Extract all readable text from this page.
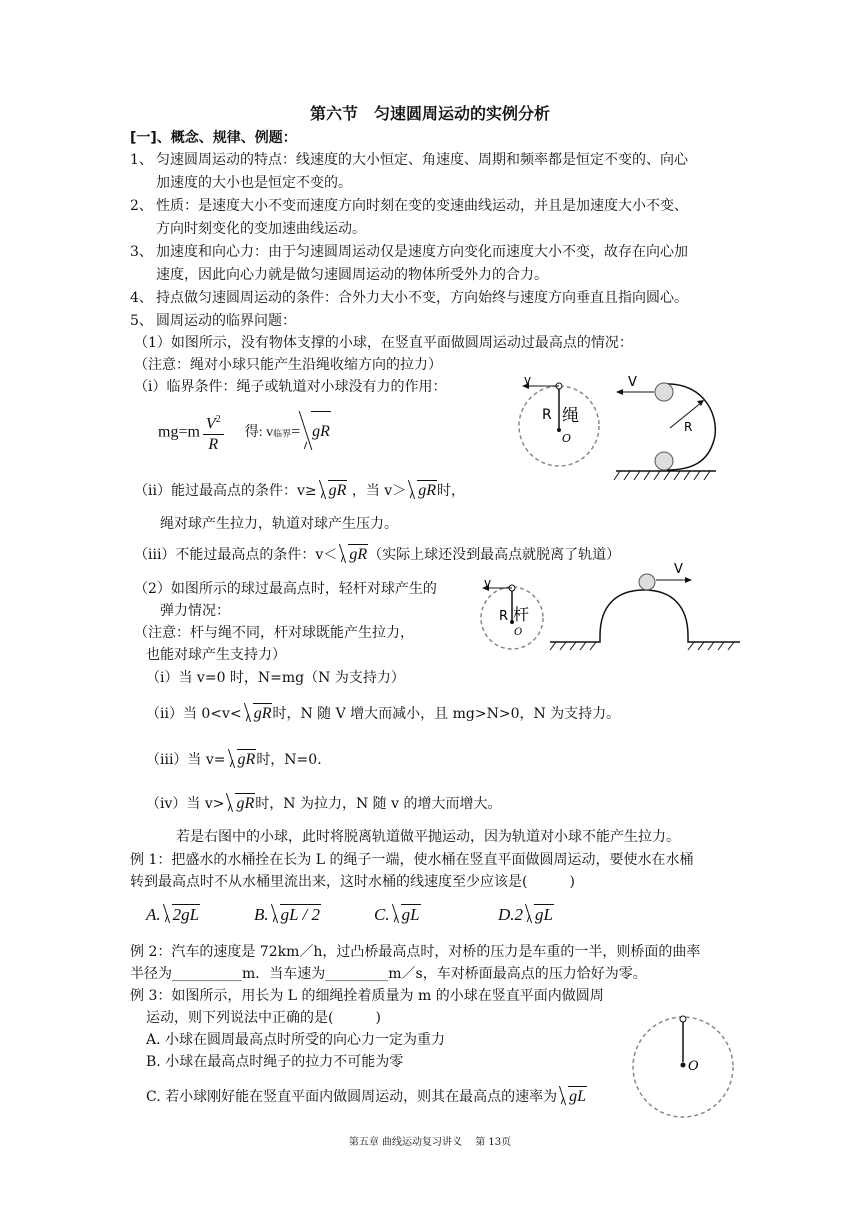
第六节　匀速圆周运动的实例分析
[一]、概念、规律、例题：
1、 匀速圆周运动的特点：线速度的大小恒定、角速度、周期和频率都是恒定不变的、向心
加速度的大小也是恒定不变的。
2、 性质：是速度大小不变而速度方向时刻在变的变速曲线运动，并且是加速度大小不变、
方向时刻变化的变加速曲线运动。
3、 加速度和向心力：由于匀速圆周运动仅是速度方向变化而速度大小不变，故存在向心加
速度，因此向心力就是做匀速圆周运动的物体所受外力的合力。
4、 持点做匀速圆周运动的条件：合外力大小不变，方向始终与速度方向垂直且指向圆心。
5、 圆周运动的临界问题：
（1）如图所示，没有物体支撑的小球，在竖直平面做圆周运动过最高点的情况：
（注意：绳对小球只能产生沿绳收缩方向的拉力）
（i）临界条件：绳子或轨道对小球没有力的作用：
$mg=m \frac{V^2}{R}$ 得: v临界= gR
（ii）能过最高点的条件：v≥ gR ，当 v＞ gR时，
绳对球产生拉力，轨道对球产生压力。
（iii）不能过最高点的条件：v＜ gR（实际上球还没到最高点就脱离了轨道）
v
R 绳
O
V
R
（2）如图所示的球过最高点时，轻杆对球产生的
弹力情况：
（注意：杆与绳不同，杆对球既能产生拉力，
也能对球产生支持力）
（i）当 v=0 时，N=mg（N 为支持力）
（ii）当 0<v< gR时，N 随 V 增大而减小，且 mg>N>0，N 为支持力。
（iii）当 v= gR时，N=0.
（iv）当 v> gR时，N 为拉力，N 随 v 的增大而增大。
若是右图中的小球，此时将脱离轨道做平抛运动，因为轨道对小球不能产生拉力。
v
R 杆
O
V
例 1：把盛水的水桶拴在长为 L 的绳子一端，使水桶在竖直平面做圆周运动，要使水在水桶
转到最高点时不从水桶里流出来，这时水桶的线速度至少应该是(　　　)
A. 2gL	B. gL / 2	C. gL	D.2 gL
例 2：汽车的速度是 72km／h，过凸桥最高点时，对桥的压力是车重的一半，则桥面的曲率
半径为__________m．当车速为_________m／s，车对桥面最高点的压力恰好为零。
例 3：如图所示，用长为 L 的细绳拴着质量为 m 的小球在竖直平面内做圆周
运动，则下列说法中正确的是(　　　)
A. 小球在圆周最高点时所受的向心力一定为重力
B. 小球在最高点时绳子的拉力不可能为零
C. 若小球刚好能在竖直平面内做圆周运动，则其在最高点的速率为 gL
O
第五章 曲线运动复习讲义　 第 13页
